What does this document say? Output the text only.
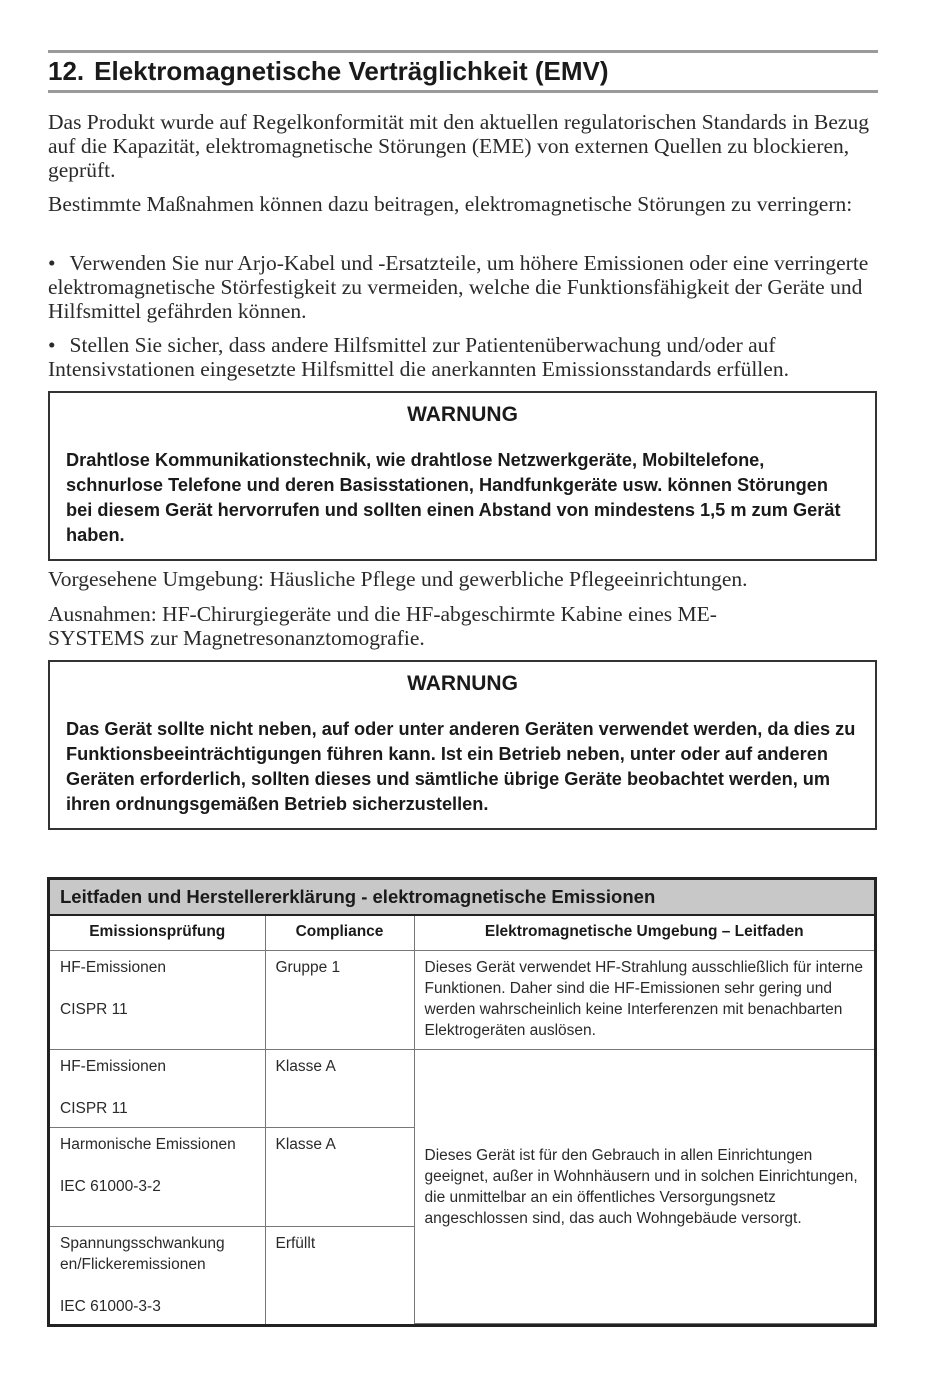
12. Elektromagnetische Verträglichkeit (EMV)

Das Produkt wurde auf Regelkonformität mit den aktuellen regulatorischen Standards in Bezug auf die Kapazität, elektromagnetische Störungen (EME) von externen Quellen zu blockieren, geprüft.

Bestimmte Maßnahmen können dazu beitragen, elektromagnetische Störungen zu verringern:

• Verwenden Sie nur Arjo-Kabel und -Ersatzteile, um höhere Emissionen oder eine verringerte elektromagnetische Störfestigkeit zu vermeiden, welche die Funktionsfähigkeit der Geräte und Hilfsmittel gefährden können.

• Stellen Sie sicher, dass andere Hilfsmittel zur Patientenüberwachung und/oder auf Intensivstationen eingesetzte Hilfsmittel die anerkannten Emissionsstandards erfüllen.

WARNUNG

Drahtlose Kommunikationstechnik, wie drahtlose Netzwerkgeräte, Mobiltelefone, schnurlose Telefone und deren Basisstationen, Handfunkgeräte usw. können Störungen bei diesem Gerät hervorrufen und sollten einen Abstand von mindestens 1,5 m zum Gerät haben.

Vorgesehene Umgebung: Häusliche Pflege und gewerbliche Pflegeeinrichtungen.

Ausnahmen: HF-Chirurgiegeräte und die HF-abgeschirmte Kabine eines ME-SYSTEMS zur Magnetresonanztomografie.

WARNUNG

Das Gerät sollte nicht neben, auf oder unter anderen Geräten verwendet werden, da dies zu Funktionsbeeinträchtigungen führen kann. Ist ein Betrieb neben, unter oder auf anderen Geräten erforderlich, sollten dieses und sämtliche übrige Geräte beobachtet werden, um ihren ordnungsgemäßen Betrieb sicherzustellen.

Leitfaden und Herstellererklärung - elektromagnetische Emissionen
Emissionsprüfung	Compliance	Elektromagnetische Umgebung – Leitfaden
HF-Emissionen
CISPR 11	Gruppe 1	Dieses Gerät verwendet HF-Strahlung ausschließlich für interne Funktionen. Daher sind die HF-Emissionen sehr gering und werden wahrscheinlich keine Interferenzen mit benachbarten Elektrogeräten auslösen.
HF-Emissionen
CISPR 11	Klasse A	Dieses Gerät ist für den Gebrauch in allen Einrichtungen geeignet, außer in Wohnhäusern und in solchen Einrichtungen, die unmittelbar an ein öffentliches Versorgungsnetz angeschlossen sind, das auch Wohngebäude versorgt.
Harmonische Emissionen
IEC 61000-3-2	Klasse A	
Spannungsschwankung en/Flickeremissionen
IEC 61000-3-3	Erfüllt	
